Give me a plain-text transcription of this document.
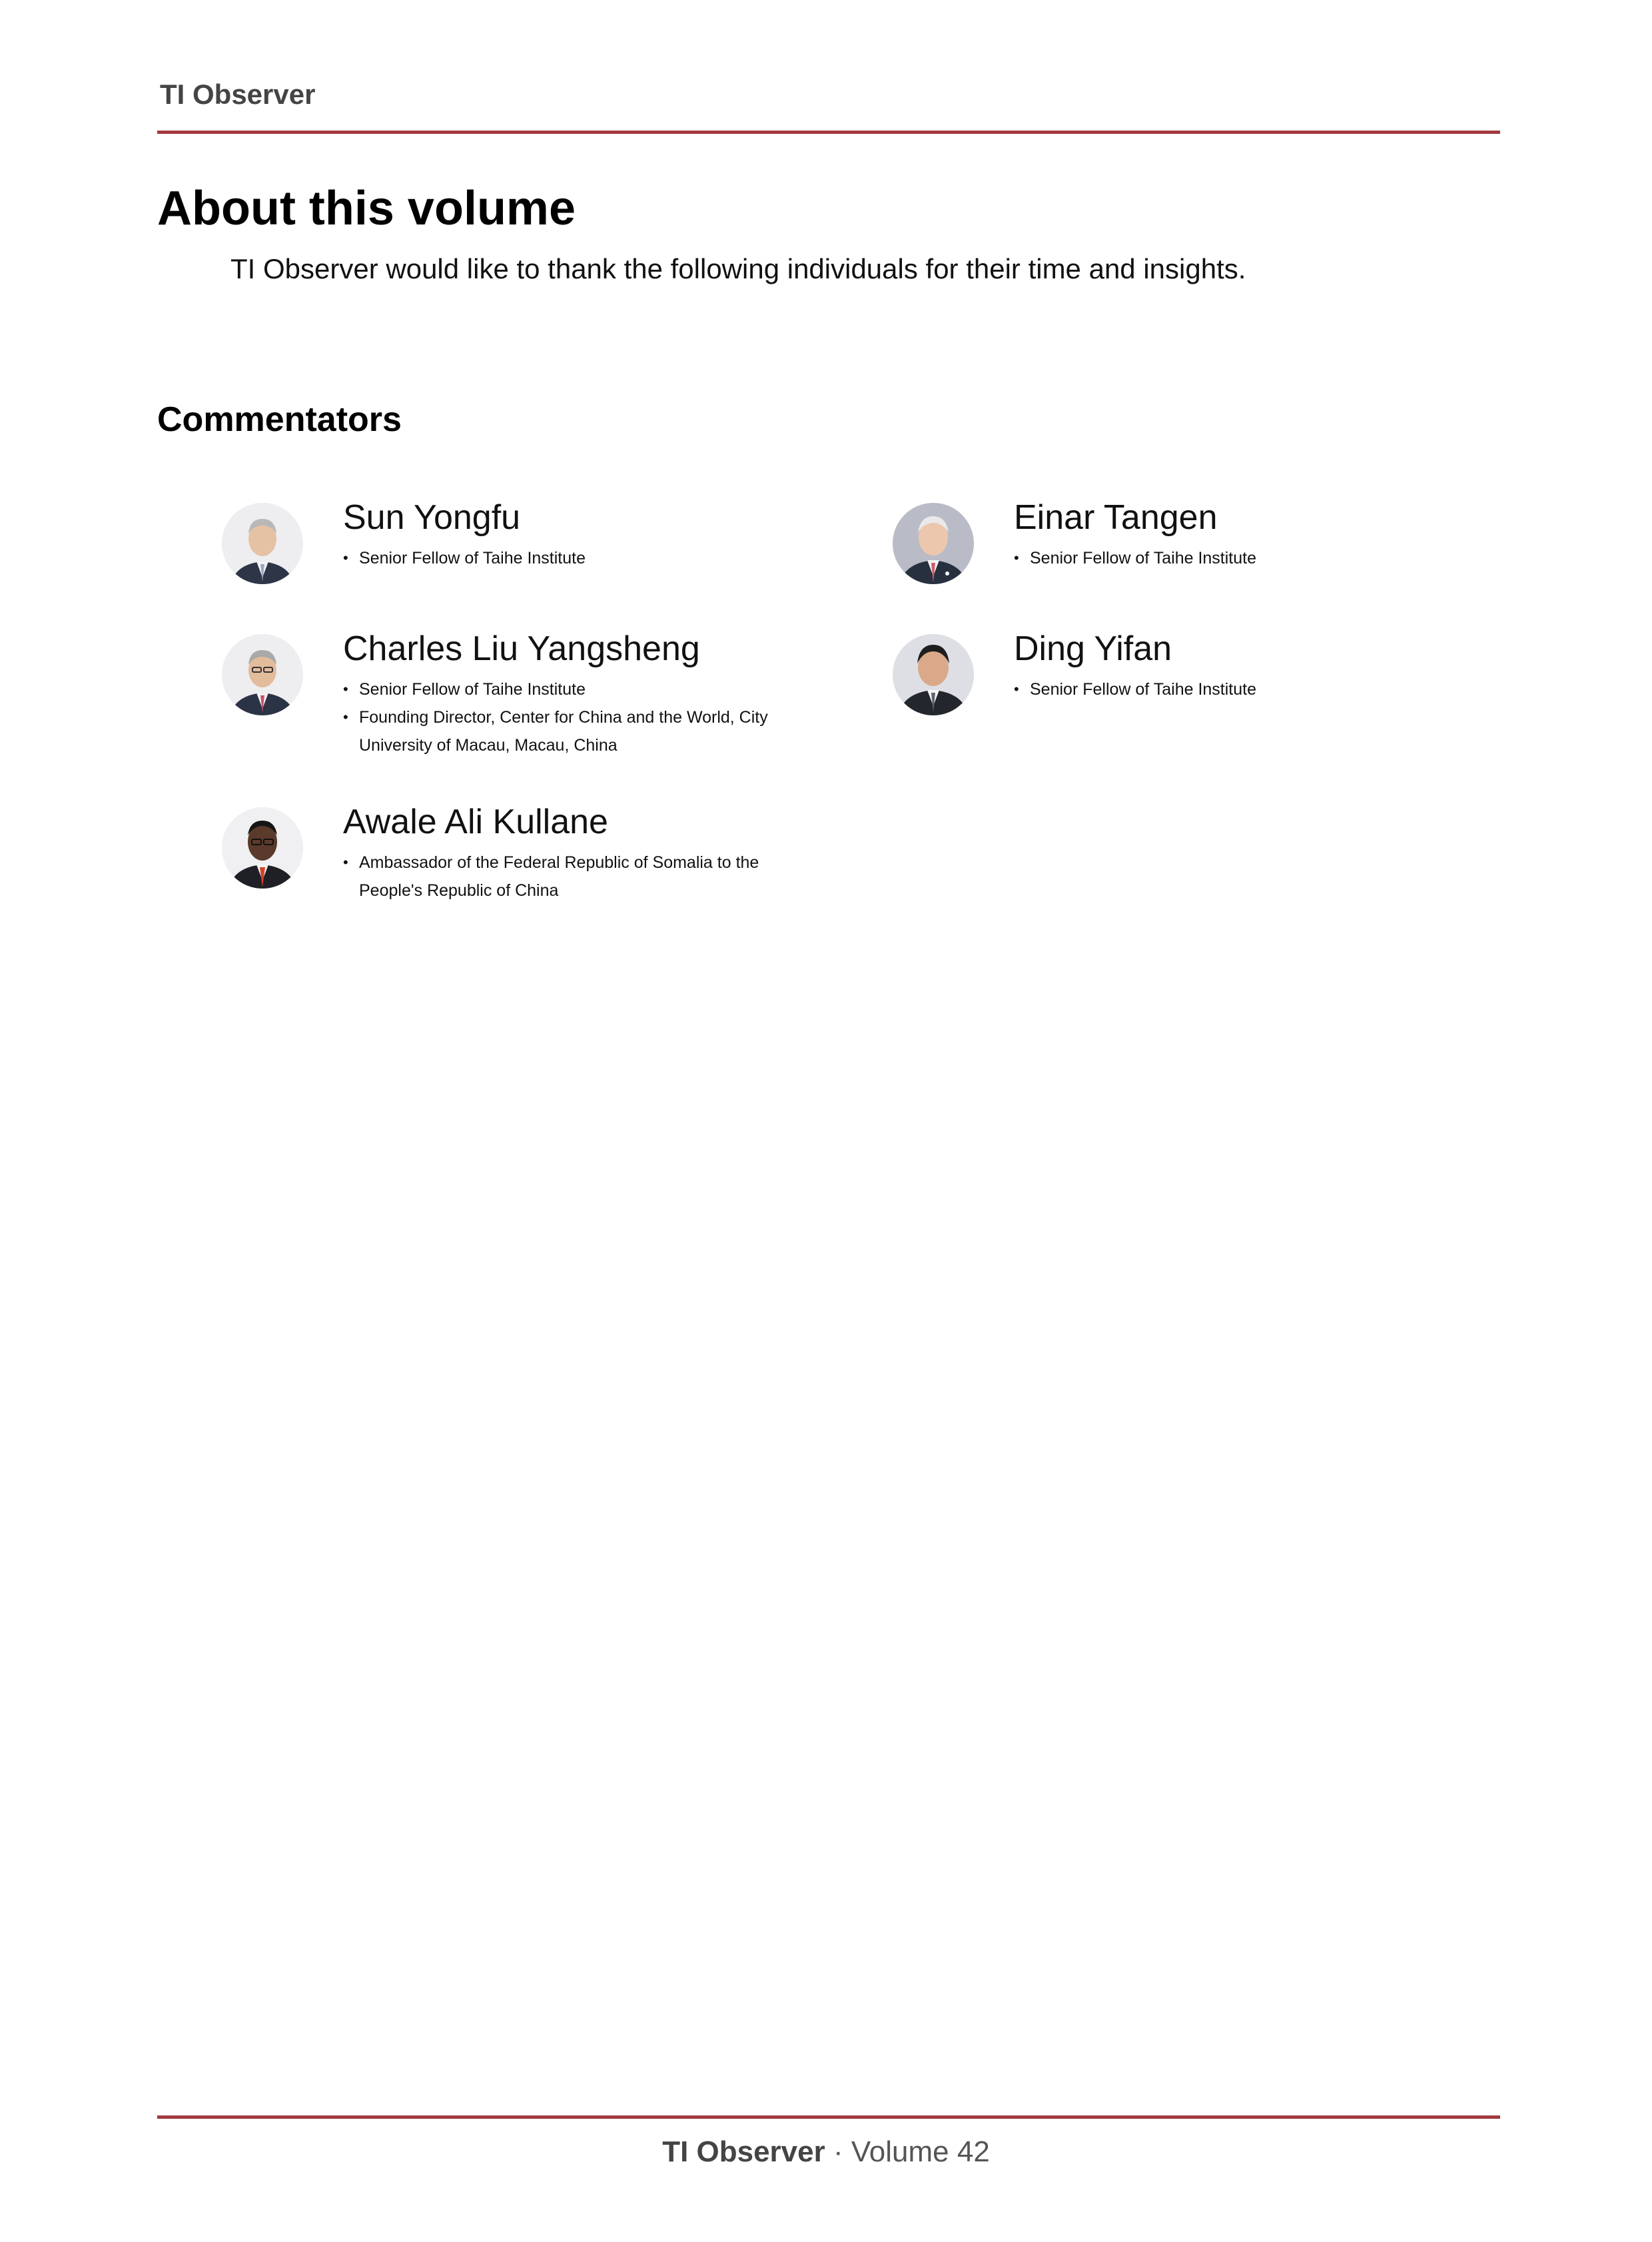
TI Observer
About this volume
TI Observer would like to thank the following individuals for their time and insights.
Commentators
Sun Yongfu
• Senior Fellow of Taihe Institute
Einar Tangen
• Senior Fellow of Taihe Institute
Charles Liu Yangsheng
• Senior Fellow of Taihe Institute
• Founding Director, Center for China and the World, City University of Macau, Macau, China
Ding Yifan
• Senior Fellow of Taihe Institute
Awale Ali Kullane
• Ambassador of the Federal Republic of Somalia to the People's Republic of China
TI Observer · Volume 42
